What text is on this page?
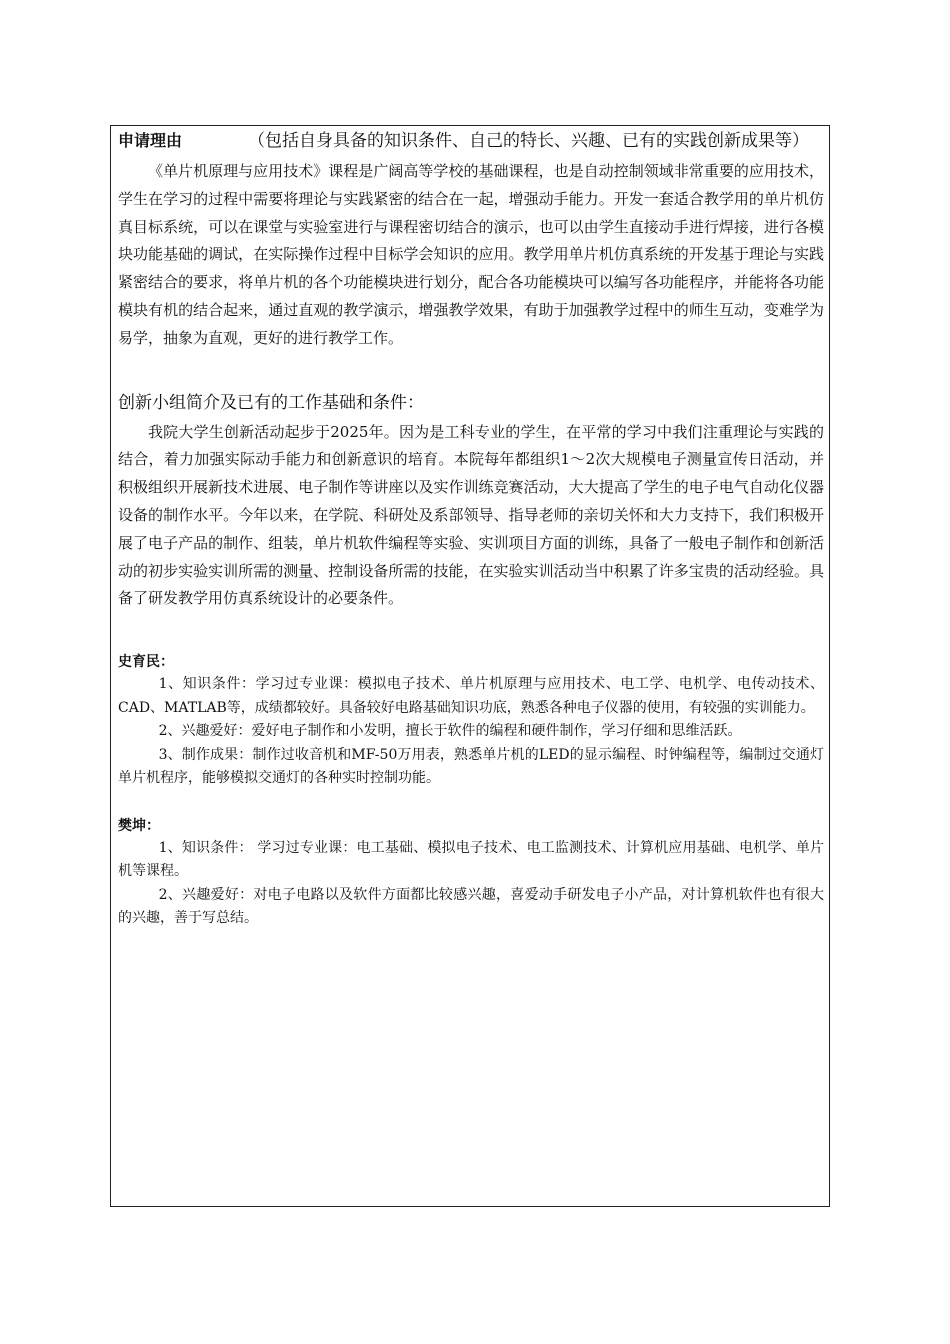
申请理由	（包括自身具备的知识条件、自己的特长、兴趣、已有的实践创新成果等）

《单片机原理与应用技术》课程是广阔高等学校的基础课程，也是自动控制领域非常重要的应用技术，学生在学习的过程中需要将理论与实践紧密的结合在一起，增强动手能力。开发一套适合教学用的单片机仿真目标系统，可以在课堂与实验室进行与课程密切结合的演示，也可以由学生直接动手进行焊接，进行各模块功能基础的调试，在实际操作过程中目标学会知识的应用。教学用单片机仿真系统的开发基于理论与实践紧密结合的要求，将单片机的各个功能模块进行划分，配合各功能模块可以编写各功能程序，并能将各功能模块有机的结合起来，通过直观的教学演示，增强教学效果，有助于加强教学过程中的师生互动，变难学为易学，抽象为直观，更好的进行教学工作。

创新小组简介及已有的工作基础和条件：

我院大学生创新活动起步于2025年。因为是工科专业的学生，在平常的学习中我们注重理论与实践的结合，着力加强实际动手能力和创新意识的培育。本院每年都组织1～2次大规模电子测量宣传日活动，并积极组织开展新技术进展、电子制作等讲座以及实作训练竞赛活动，大大提高了学生的电子电气自动化仪器设备的制作水平。今年以来，在学院、科研处及系部领导、指导老师的亲切关怀和大力支持下，我们积极开展了电子产品的制作、组装，单片机软件编程等实验、实训项目方面的训练，具备了一般电子制作和创新活动的初步实验实训所需的测量、控制设备所需的技能，在实验实训活动当中积累了许多宝贵的活动经验。具备了研发教学用仿真系统设计的必要条件。

史育民：

1、知识条件：学习过专业课：模拟电子技术、单片机原理与应用技术、电工学、电机学、电传动技术、CAD、MATLAB等，成绩都较好。具备较好电路基础知识功底，熟悉各种电子仪器的使用，有较强的实训能力。

2、兴趣爱好：爱好电子制作和小发明，擅长于软件的编程和硬件制作，学习仔细和思维活跃。

3、制作成果：制作过收音机和MF-50万用表，熟悉单片机的LED的显示编程、时钟编程等，编制过交通灯单片机程序，能够模拟交通灯的各种实时控制功能。

樊坤：

1、知识条件： 学习过专业课：电工基础、模拟电子技术、电工监测技术、计算机应用基础、电机学、单片机等课程。

2、兴趣爱好：对电子电路以及软件方面都比较感兴趣，喜爱动手研发电子小产品，对计算机软件也有很大的兴趣，善于写总结。
